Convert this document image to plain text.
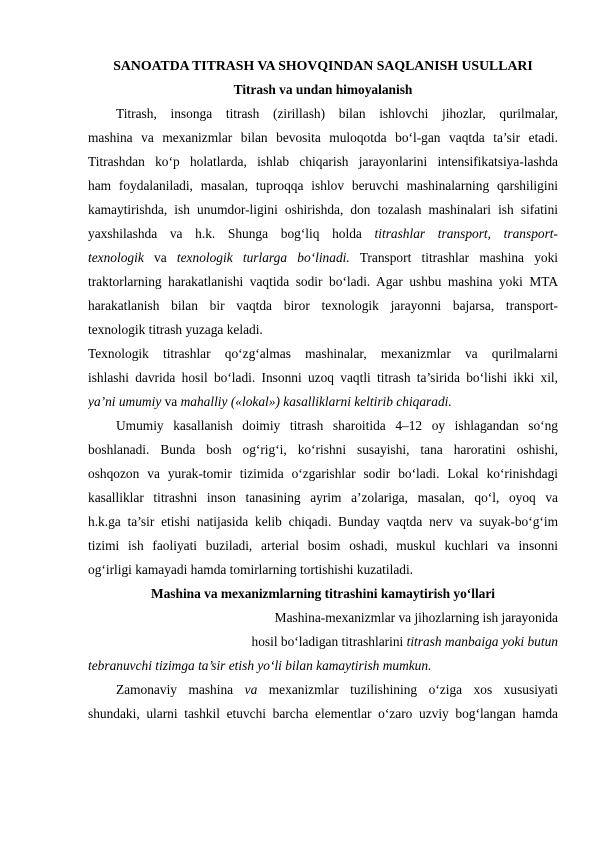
SANOATDA TITRASH VA SHOVQINDAN SAQLANISH USULLARI
Titrash va undan himoyalanish
Titrash, insonga titrash (zirillash) bilan ishlovchi jihozlar, qurilmalar,
mashina va mexanizmlar bilan bevosita muloqotda bo‘l-gan vaqtda ta’sir etadi.
Titrashdan ko‘p holatlarda, ishlab chiqarish jarayonlarini intensifikatsiya-lashda
ham foydalaniladi, masalan, tuproqqa ishlov beruvchi mashinalarning qarshiligini
kamaytirishda, ish unumdor-ligini oshirishda, don tozalash mashinalari ish sifatini
yaxshilashda va h.k. Shunga bog‘liq holda titrashlar transport, transport-
texnologik va texnologik turlarga bo‘linadi. Transport titrashlar mashina yoki
traktorlarning harakatlanishi vaqtida sodir bo‘ladi. Agar ushbu mashina yoki MTA
harakatlanish bilan bir vaqtda biror texnologik jarayonni bajarsa, transport-
texnologik titrash yuzaga keladi.
Texnologik titrashlar qo‘zg‘almas mashinalar, mexanizmlar va qurilmalarni
ishlashi davrida hosil bo‘ladi. Insonni uzoq vaqtli titrash ta’sirida bo‘lishi ikki xil,
ya’ni umumiy va mahalliy («lokal») kasalliklarni keltirib chiqaradi.
Umumiy kasallanish doimiy titrash sharoitida 4–12 oy ishlagandan so‘ng
boshlanadi. Bunda bosh og‘rig‘i, ko‘rishni susayishi, tana haroratini oshishi,
oshqozon va yurak-tomir tizimida o‘zgarishlar sodir bo‘ladi. Lokal ko‘rinishdagi
kasalliklar titrashni inson tanasining ayrim a’zolariga, masalan, qo‘l, oyoq va
h.k.ga ta’sir etishi natijasida kelib chiqadi. Bunday vaqtda nerv va suyak-bo‘g‘im
tizimi ish faoliyati buziladi, arterial bosim oshadi, muskul kuchlari va insonni
og‘irligi kamayadi hamda tomirlarning tortishishi kuzatiladi.
Mashina va mexanizmlarning titrashini kamaytirish yo‘llari
Mashina-mexanizmlar va jihozlarning ish jarayonida
hosil bo‘ladigan titrashlarini titrash manbaiga yoki butun
tebranuvchi tizimga ta’sir etish yo‘li bilan kamaytirish mumkun.
Zamonaviy mashina va mexanizmlar tuzilishining o‘ziga xos xususiyati
shundaki, ularni tashkil etuvchi barcha elementlar o‘zaro uzviy bog‘langan hamda
